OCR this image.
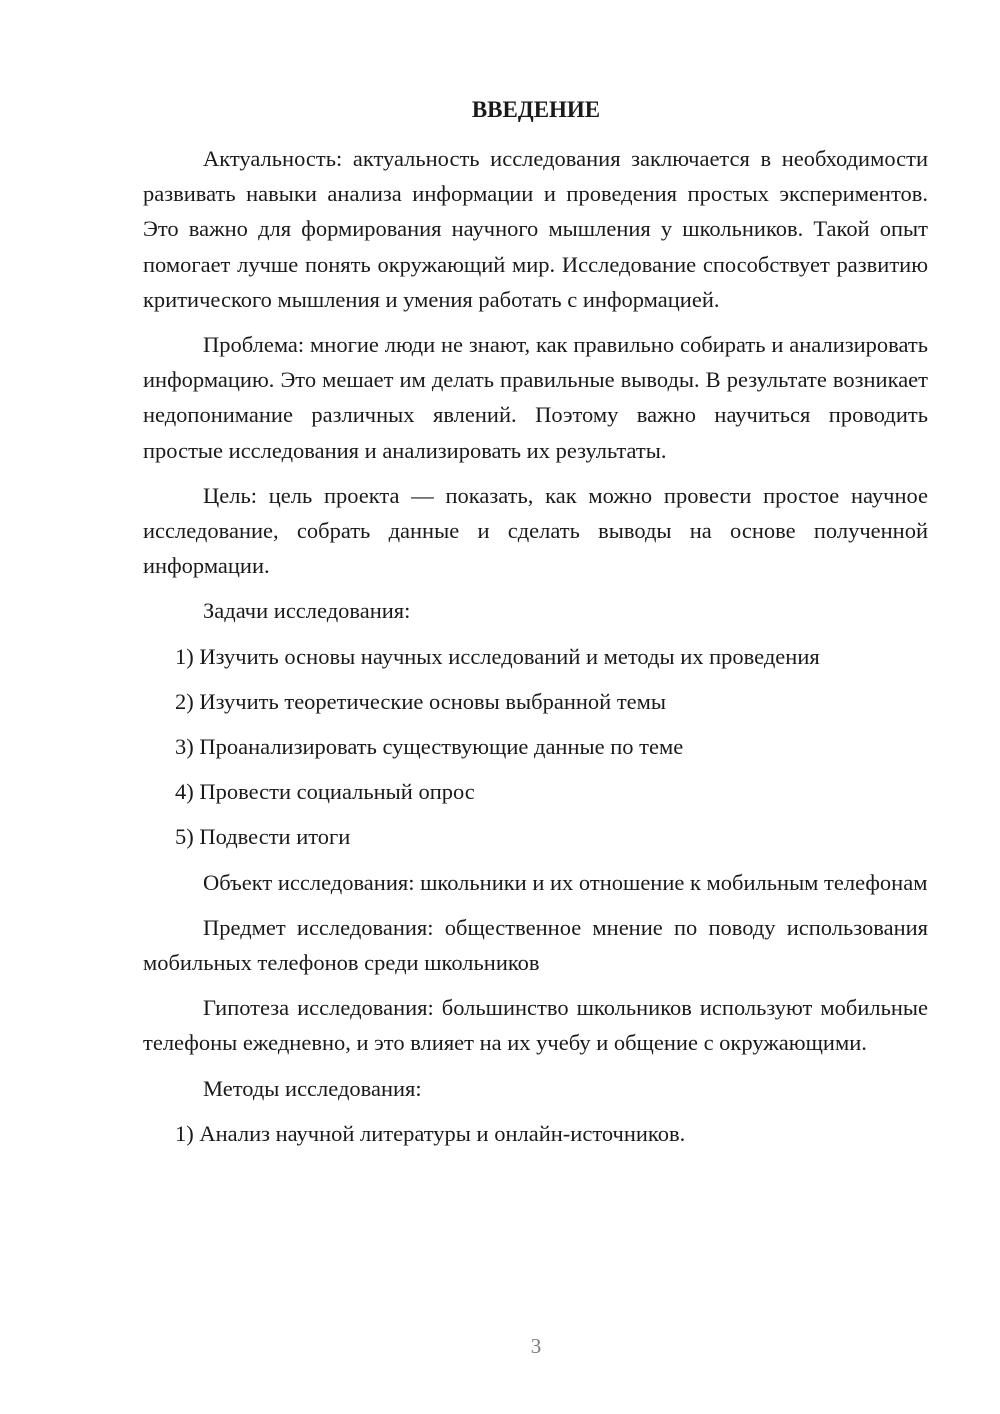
ВВЕДЕНИЕ

Актуальность: актуальность исследования заключается в необходимости развивать навыки анализа информации и проведения простых экспериментов. Это важно для формирования научного мышления у школьников. Такой опыт помогает лучше понять окружающий мир. Исследование способствует развитию критического мышления и умения работать с информацией.

Проблема: многие люди не знают, как правильно собирать и анализировать информацию. Это мешает им делать правильные выводы. В результате возникает недопонимание различных явлений. Поэтому важно научиться проводить простые исследования и анализировать их результаты.

Цель: цель проекта — показать, как можно провести простое научное исследование, собрать данные и сделать выводы на основе полученной информации.

Задачи исследования:

1) Изучить основы научных исследований и методы их проведения
2) Изучить теоретические основы выбранной темы
3) Проанализировать существующие данные по теме
4) Провести социальный опрос
5) Подвести итоги

Объект исследования: школьники и их отношение к мобильным телефонам

Предмет исследования: общественное мнение по поводу использования мобильных телефонов среди школьников

Гипотеза исследования: большинство школьников используют мобильные телефоны ежедневно, и это влияет на их учебу и общение с окружающими.

Методы исследования:

1) Анализ научной литературы и онлайн-источников.
3
